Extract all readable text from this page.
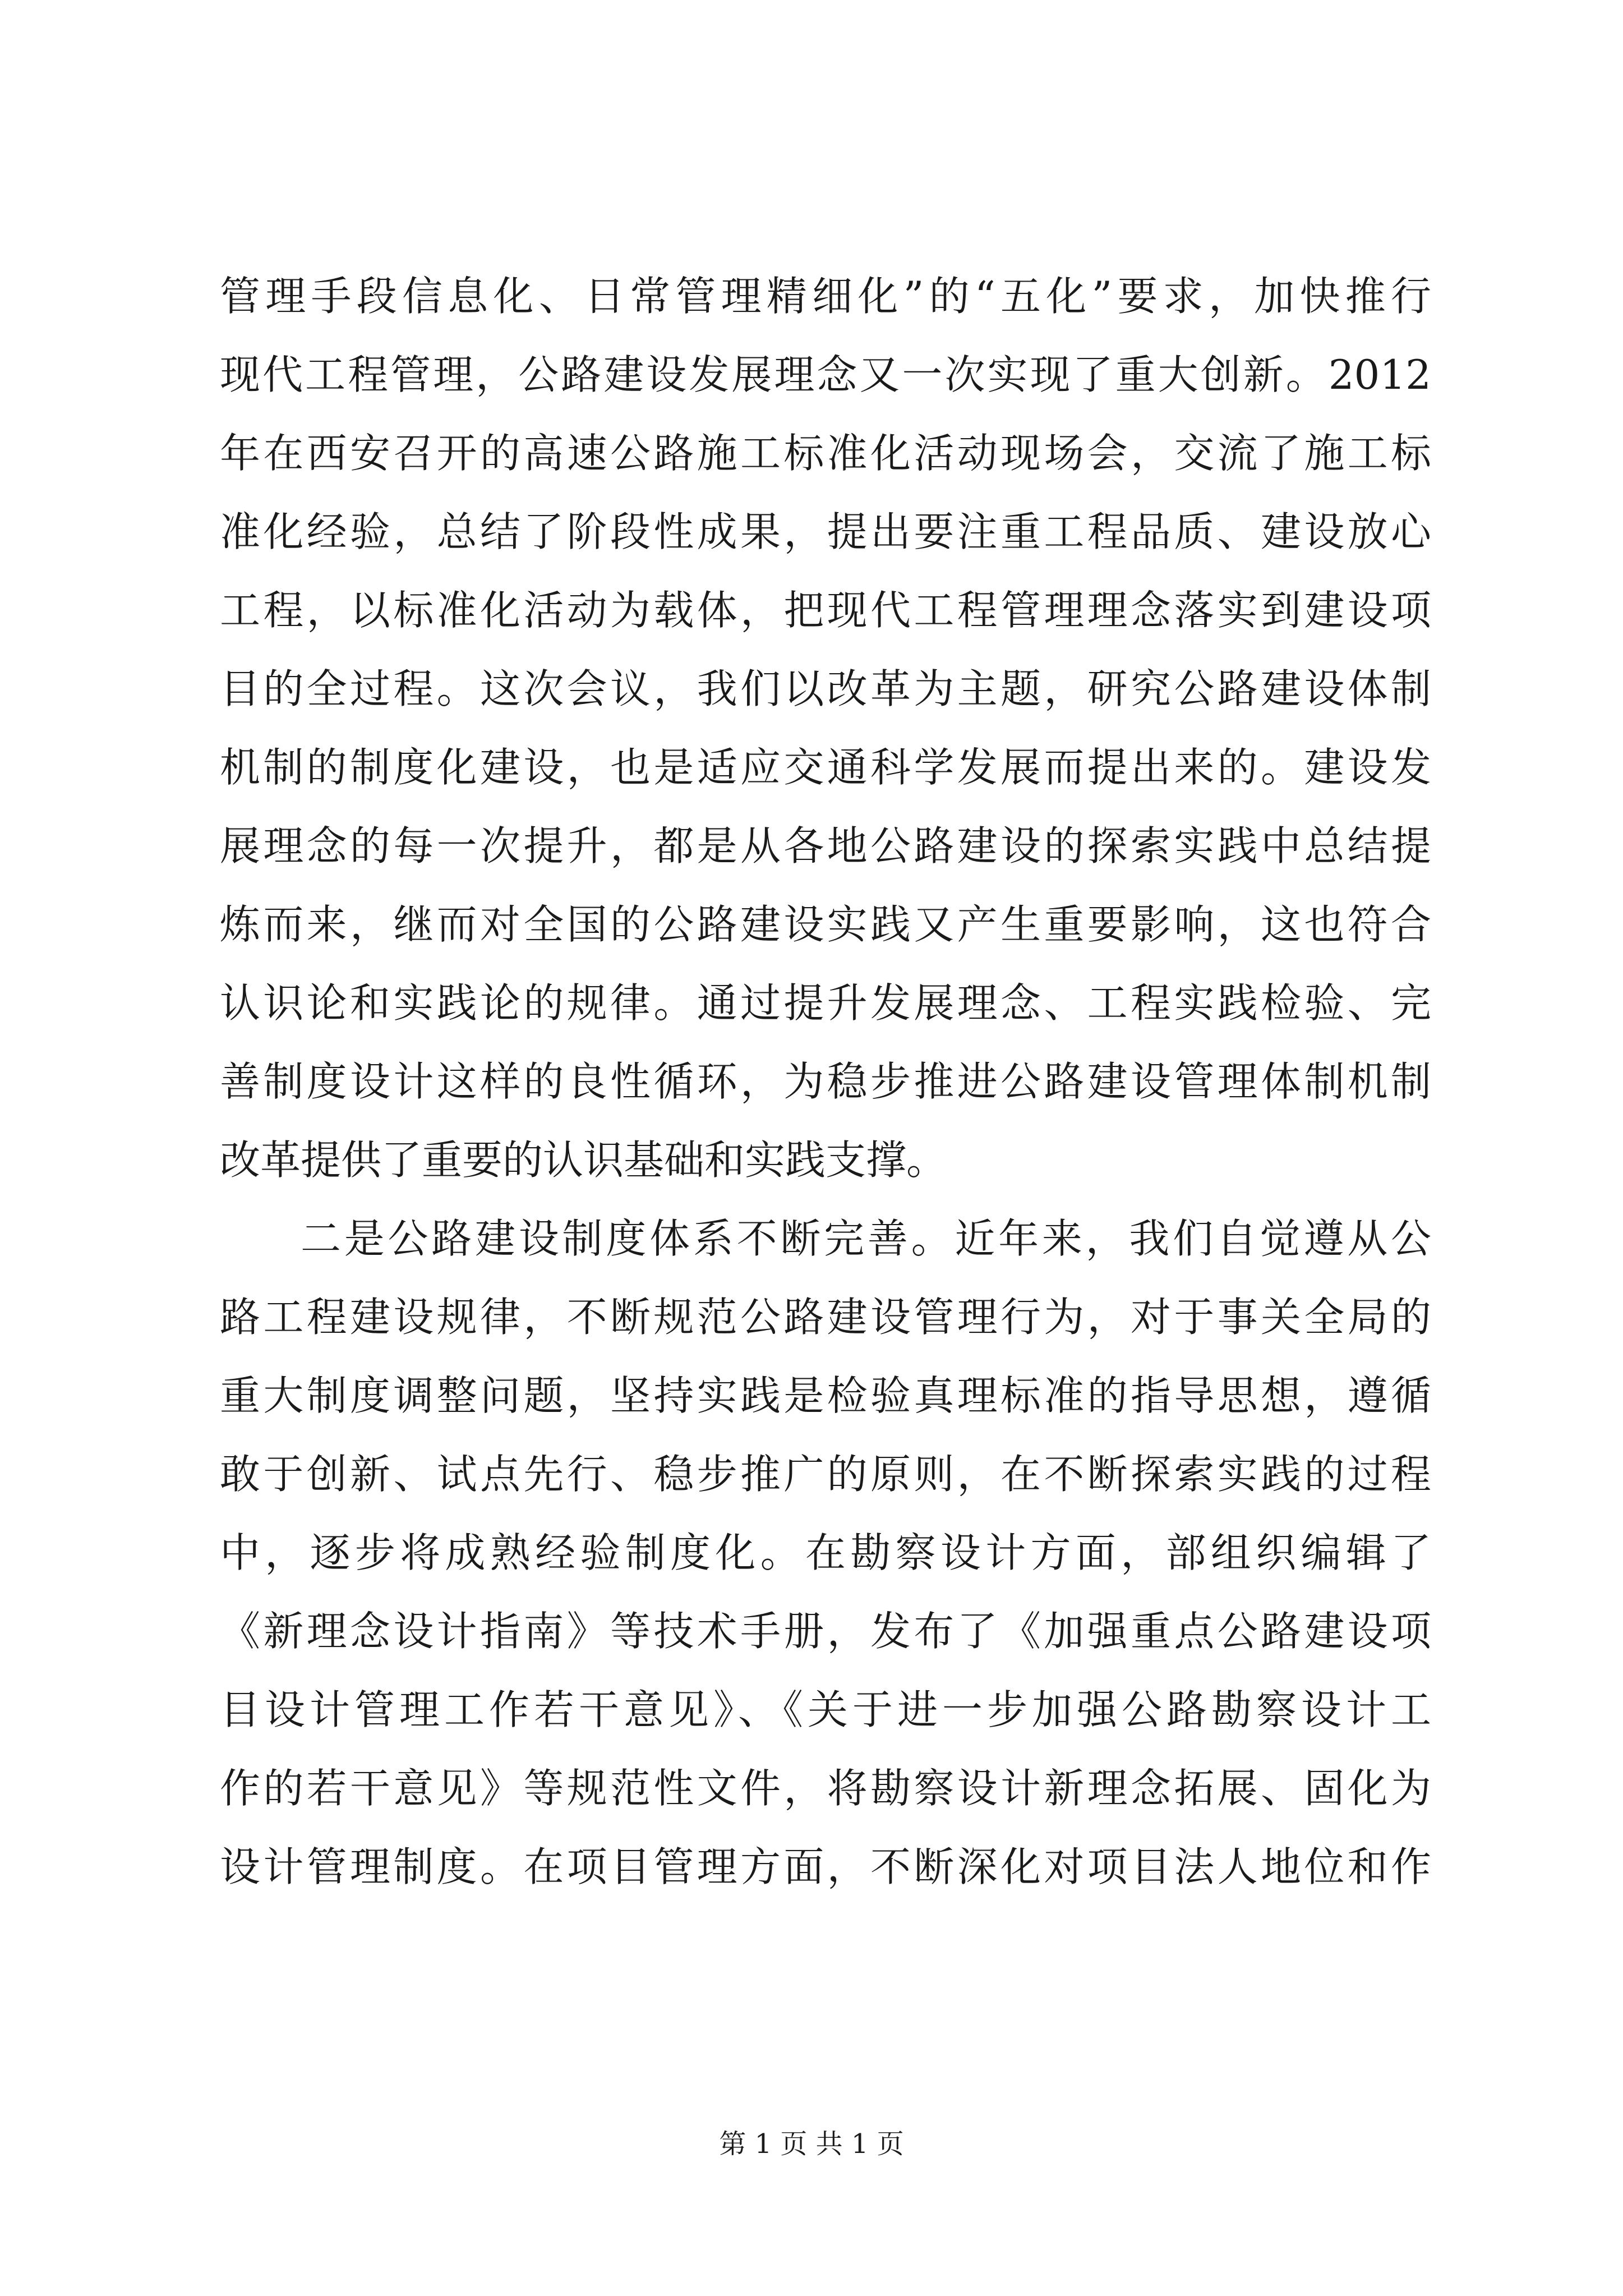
管理手段信息化、日常管理精细化”的“五化”要求，加快推行
现代工程管理，公路建设发展理念又一次实现了重大创新。2012
年在西安召开的高速公路施工标准化活动现场会，交流了施工标
准化经验，总结了阶段性成果，提出要注重工程品质、建设放心
工程，以标准化活动为载体，把现代工程管理理念落实到建设项
目的全过程。这次会议，我们以改革为主题，研究公路建设体制
机制的制度化建设，也是适应交通科学发展而提出来的。建设发
展理念的每一次提升，都是从各地公路建设的探索实践中总结提
炼而来，继而对全国的公路建设实践又产生重要影响，这也符合
认识论和实践论的规律。通过提升发展理念、工程实践检验、完
善制度设计这样的良性循环，为稳步推进公路建设管理体制机制
改革提供了重要的认识基础和实践支撑。
二是公路建设制度体系不断完善。近年来，我们自觉遵从公
路工程建设规律，不断规范公路建设管理行为，对于事关全局的
重大制度调整问题，坚持实践是检验真理标准的指导思想，遵循
敢于创新、试点先行、稳步推广的原则，在不断探索实践的过程
中，逐步将成熟经验制度化。在勘察设计方面，部组织编辑了
《新理念设计指南》等技术手册，发布了《加强重点公路建设项
目设计管理工作若干意见》、《关于进一步加强公路勘察设计工
作的若干意见》等规范性文件，将勘察设计新理念拓展、固化为
设计管理制度。在项目管理方面，不断深化对项目法人地位和作
第 1 页 共 1 页
